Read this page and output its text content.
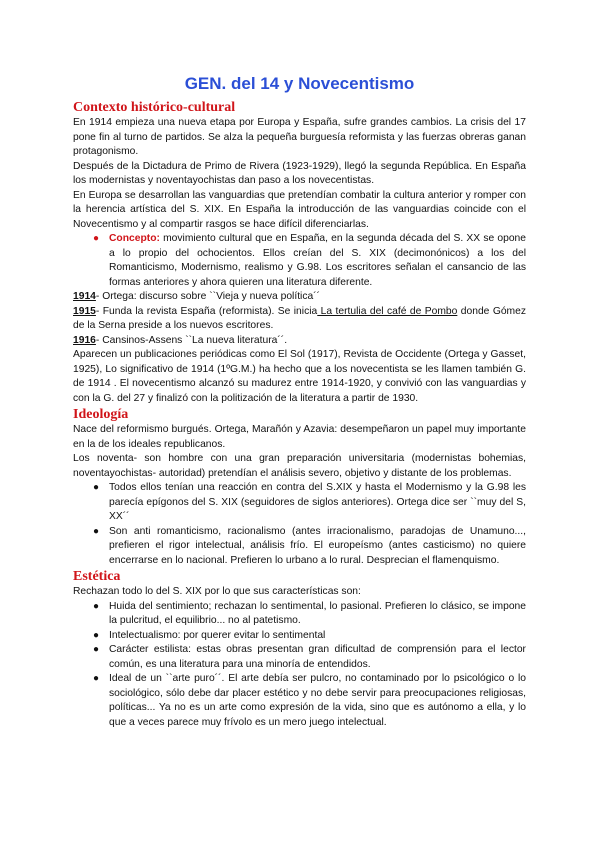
GEN. del 14 y Novecentismo
Contexto histórico-cultural

En 1914 empieza una nueva etapa por Europa y España, sufre grandes cambios. La crisis del 17 pone fin al turno de partidos. Se alza la pequeña burguesía reformista y las fuerzas obreras ganan protagonismo.

Después de la Dictadura de Primo de Rivera (1923-1929), llegó la segunda República. En España los modernistas y noventayochistas dan paso a los novecentistas.

En Europa se desarrollan las vanguardias que pretendían combatir la cultura anterior y romper con la herencia artística del S. XIX. En España la introducción de las vanguardias coincide con el Novecentismo y al compartir rasgos se hace difícil diferenciarlas.

● Concepto: movimiento cultural que en España, en la segunda década del S. XX se opone a lo propio del ochocientos. Ellos creían del S. XIX (decimonónicos) a los del Romanticismo, Modernismo, realismo y G.98. Los escritores señalan el cansancio de las formas anteriores y ahora quieren una literatura diferente.

1914- Ortega: discurso sobre ``Vieja y nueva política´´

1915- Funda la revista España (reformista). Se inicia La tertulia del café de Pombo donde Gómez de la Serna preside a los nuevos escritores.

1916- Cansinos-Assens ``La nueva literatura´´.

Aparecen un publicaciones periódicas como El Sol (1917), Revista de Occidente (Ortega y Gasset, 1925), Lo significativo de 1914 (1ºG.M.) ha hecho que a los novecentista se les llamen también G. de 1914 . El novecentismo alcanzó su madurez entre 1914-1920, y convivió con las vanguardias y con la G. del 27 y finalizó con la politización de la literatura a partir de 1930.

Ideología

Nace del reformismo burgués. Ortega, Marañón y Azavia: desempeñaron un papel muy importante en la de los ideales republicanos.

Los noventa- son hombre con una gran preparación universitaria (modernistas bohemias, noventayochistas- autoridad) pretendían el análisis severo, objetivo y distante de los problemas.

● Todos ellos tenían una reacción en contra del S.XIX y hasta el Modernismo y la G.98 les parecía epígonos del S. XIX (seguidores de siglos anteriores). Ortega dice ser ``muy del S, XX´´
● Son anti romanticismo, racionalismo (antes irracionalismo, paradojas de Unamuno..., prefieren el rigor intelectual, análisis frío. El europeísmo (antes casticismo) no quiere encerrarse en lo nacional. Prefieren lo urbano a lo rural. Desprecian el flamenquismo.
Estética

Rechazan todo lo del S. XIX por lo que sus características son:

● Huida del sentimiento; rechazan lo sentimental, lo pasional. Prefieren lo clásico, se impone la pulcritud, el equilibrio... no al patetismo.
● Intelectualismo: por querer evitar lo sentimental
● Carácter estilista: estas obras presentan gran dificultad de comprensión para el lector común, es una literatura para una minoría de entendidos.
● Ideal de un ``arte puro´´. El arte debía ser pulcro, no contaminado por lo psicológico o lo sociológico, sólo debe dar placer estético y no debe servir para preocupaciones religiosas, políticas... Ya no es un arte como expresión de la vida, sino que es autónomo a ella, y lo que a veces parece muy frívolo es un mero juego intelectual.
